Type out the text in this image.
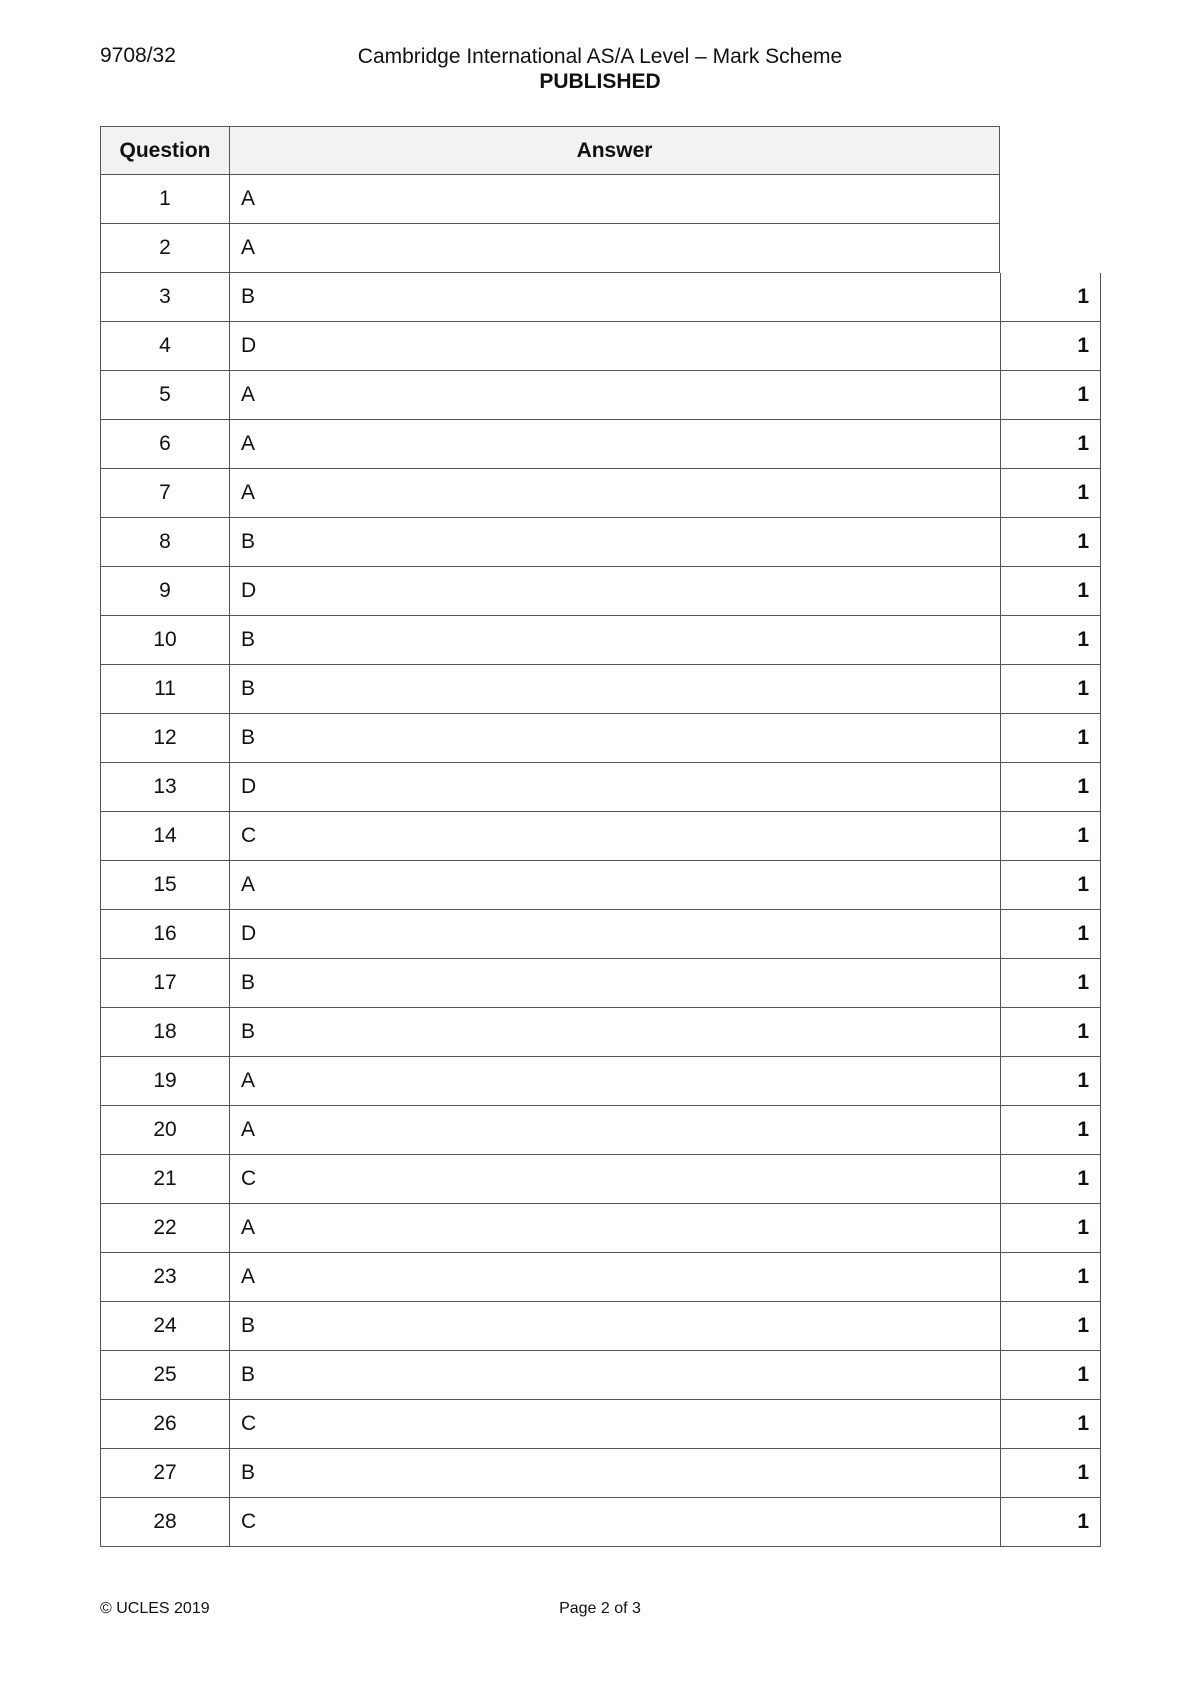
9708/32	Cambridge International AS/A Level – Mark Scheme
PUBLISHED
Question	Answer
1	A
2	A
3	B	1
4	D	1
5	A	1
6	A	1
7	A	1
8	B	1
9	D	1
10	B	1
11	B	1
12	B	1
13	D	1
14	C	1
15	A	1
16	D	1
17	B	1
18	B	1
19	A	1
20	A	1
21	C	1
22	A	1
23	A	1
24	B	1
25	B	1
26	C	1
27	B	1
28	C	1
© UCLES 2019	Page 2 of 3
